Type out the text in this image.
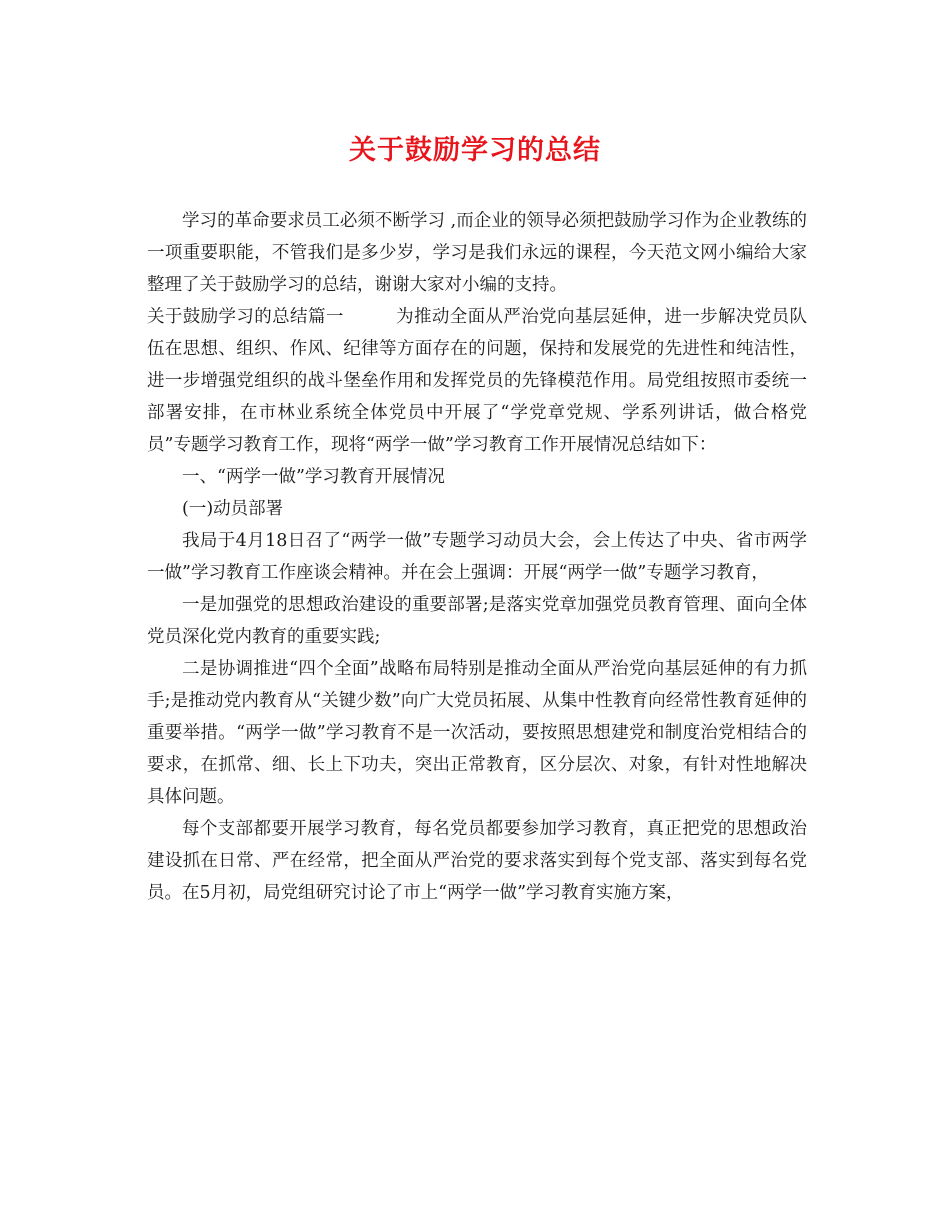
关于鼓励学习的总结

学习的革命要求员工必须不断学习 ,而企业的领导必须把鼓励学习作为企业教练的一项重要职能，不管我们是多少岁，学习是我们永远的课程，今天范文网小编给大家整理了关于鼓励学习的总结，谢谢大家对小编的支持。

关于鼓励学习的总结篇一	为推动全面从严治党向基层延伸，进一步解决党员队伍在思想、组织、作风、纪律等方面存在的问题，保持和发展党的先进性和纯洁性，进一步增强党组织的战斗堡垒作用和发挥党员的先锋模范作用。局党组按照市委统一部署安排，在市林业系统全体党员中开展了“学党章党规、学系列讲话，做合格党员”专题学习教育工作，现将“两学一做”学习教育工作开展情况总结如下：

一、“两学一做”学习教育开展情况

(一)动员部署

我局于4月18日召了“两学一做”专题学习动员大会，会上传达了中央、省市两学一做”学习教育工作座谈会精神。并在会上强调：开展“两学一做”专题学习教育，

一是加强党的思想政治建设的重要部署;是落实党章加强党员教育管理、面向全体党员深化党内教育的重要实践;

二是协调推进“四个全面”战略布局特别是推动全面从严治党向基层延伸的有力抓手;是推动党内教育从“关键少数”向广大党员拓展、从集中性教育向经常性教育延伸的重要举措。“两学一做”学习教育不是一次活动，要按照思想建党和制度治党相结合的要求，在抓常、细、长上下功夫，突出正常教育，区分层次、对象，有针对性地解决具体问题。

每个支部都要开展学习教育，每名党员都要参加学习教育，真正把党的思想政治建设抓在日常、严在经常，把全面从严治党的要求落实到每个党支部、落实到每名党员。在5月初，局党组研究讨论了市上“两学一做”学习教育实施方案，
